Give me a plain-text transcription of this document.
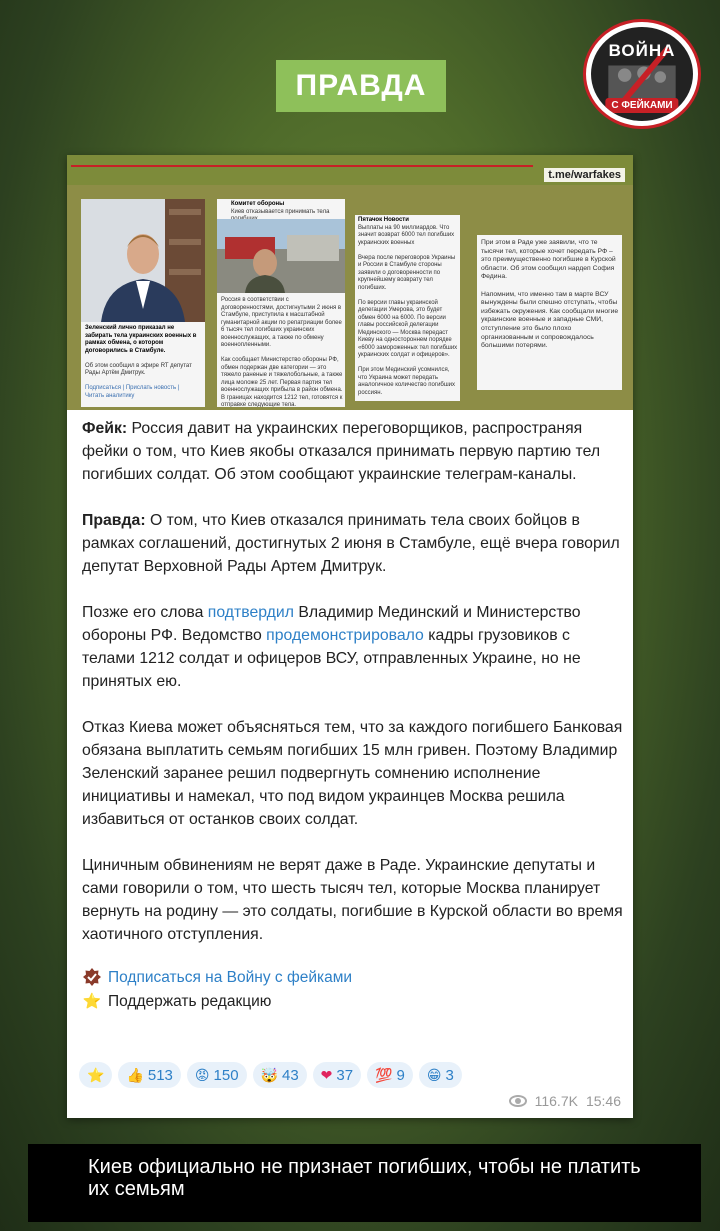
ПРАВДА
ВОЙНА
С ФЕЙКАМИ
t.me/warfakes
Зеленский лично приказал не забирать тела украинских военных в рамках обмена, о котором договорились в Стамбуле.

Об этом сообщил в эфире RT депутат Рады Артём Дмитрук.

Подписаться | Прислать новость |
Читать аналитику
Комитет обороны
Киев отказывается принимать тела
Россия в соответствии с договоренностями, достигнутыми 2 июня в Стамбуле, приступила к масштабной гуманитарной акции по репатриации более 6 тысяч тел погибших украинских военнослужащих, а также по обмену военнопленными.

Как сообщает Министерство обороны РФ, обмен подержан две категории — это тяжело раненые и тяжелобольные, а также лица моложе 25 лет. Первая партия тел военнослужащих прибыла в район обмена. В границах находится 1212 тел, готовятся к отправке следующие тела.
Пятачок Новости
Выплаты на 90 миллиардов. Что значит возврат 6000 тел погибших украинских военных

Вчера после переговоров Украины и России в Стамбуле стороны заявили о договоренности по крупнейшему возврату тел погибших.

По версии главы украинской делегации Умерова, это будет обмен 6000 на 6000. По версии главы российской делегации Мединского — Москва передаст Киеву на одностороннем порядке «6000 замороженных тел погибших украинских солдат и офицеров».

При этом Мединский усомнился, что Украина может передать аналогичное количество погибших россиян.
При этом в Раде уже заявили, что те тысячи тел, которые хочет передать РФ – это преимущественно погибшие в Курской области. Об этом сообщил нардеп София Федина.

Напомним, что именно там в марте ВСУ вынуждены были спешно отступать, чтобы избежать окружения. Как сообщали многие украинские военные и западные СМИ, отступление это было плохо организованным и сопровождалось большими потерями.

Фейк: Россия давит на украинских переговорщиков, распространяя фейки о том, что Киев якобы отказался принимать первую партию тел погибших солдат. Об этом сообщают украинские телеграм-каналы.

Правда: О том, что Киев отказался принимать тела своих бойцов в рамках соглашений, достигнутых 2 июня в Стамбуле, ещё вчера говорил депутат Верховной Рады Артем Дмитрук.

Позже его слова подтвердил Владимир Мединский и Министерство обороны РФ. Ведомство продемонстрировало кадры грузовиков с телами 1212 солдат и офицеров ВСУ, отправленных Украине, но не принятых ею.

Отказ Киева может объясняться тем, что за каждого погибшего Банковая обязана выплатить семьям погибших 15 млн гривен. Поэтому Владимир Зеленский заранее решил подвергнуть сомнению исполнение инициативы и намекал, что под видом украинцев Москва решила избавиться от останков своих солдат.

Циничным обвинениям не верят даже в Раде. Украинские депутаты и сами говорили о том, что шесть тысяч тел, которые Москва планирует вернуть на родину — это солдаты, погибшие в Курской области во время хаотичного отступления.

Подписаться на Войну с фейками
⭐ Поддержать редакцию
⭐ 👍 513 😡 150 🤯 43 ❤ 37 💯 9 😁 3
116.7K 15:46
Киев официально не признает погибших, чтобы не платить их семьям
